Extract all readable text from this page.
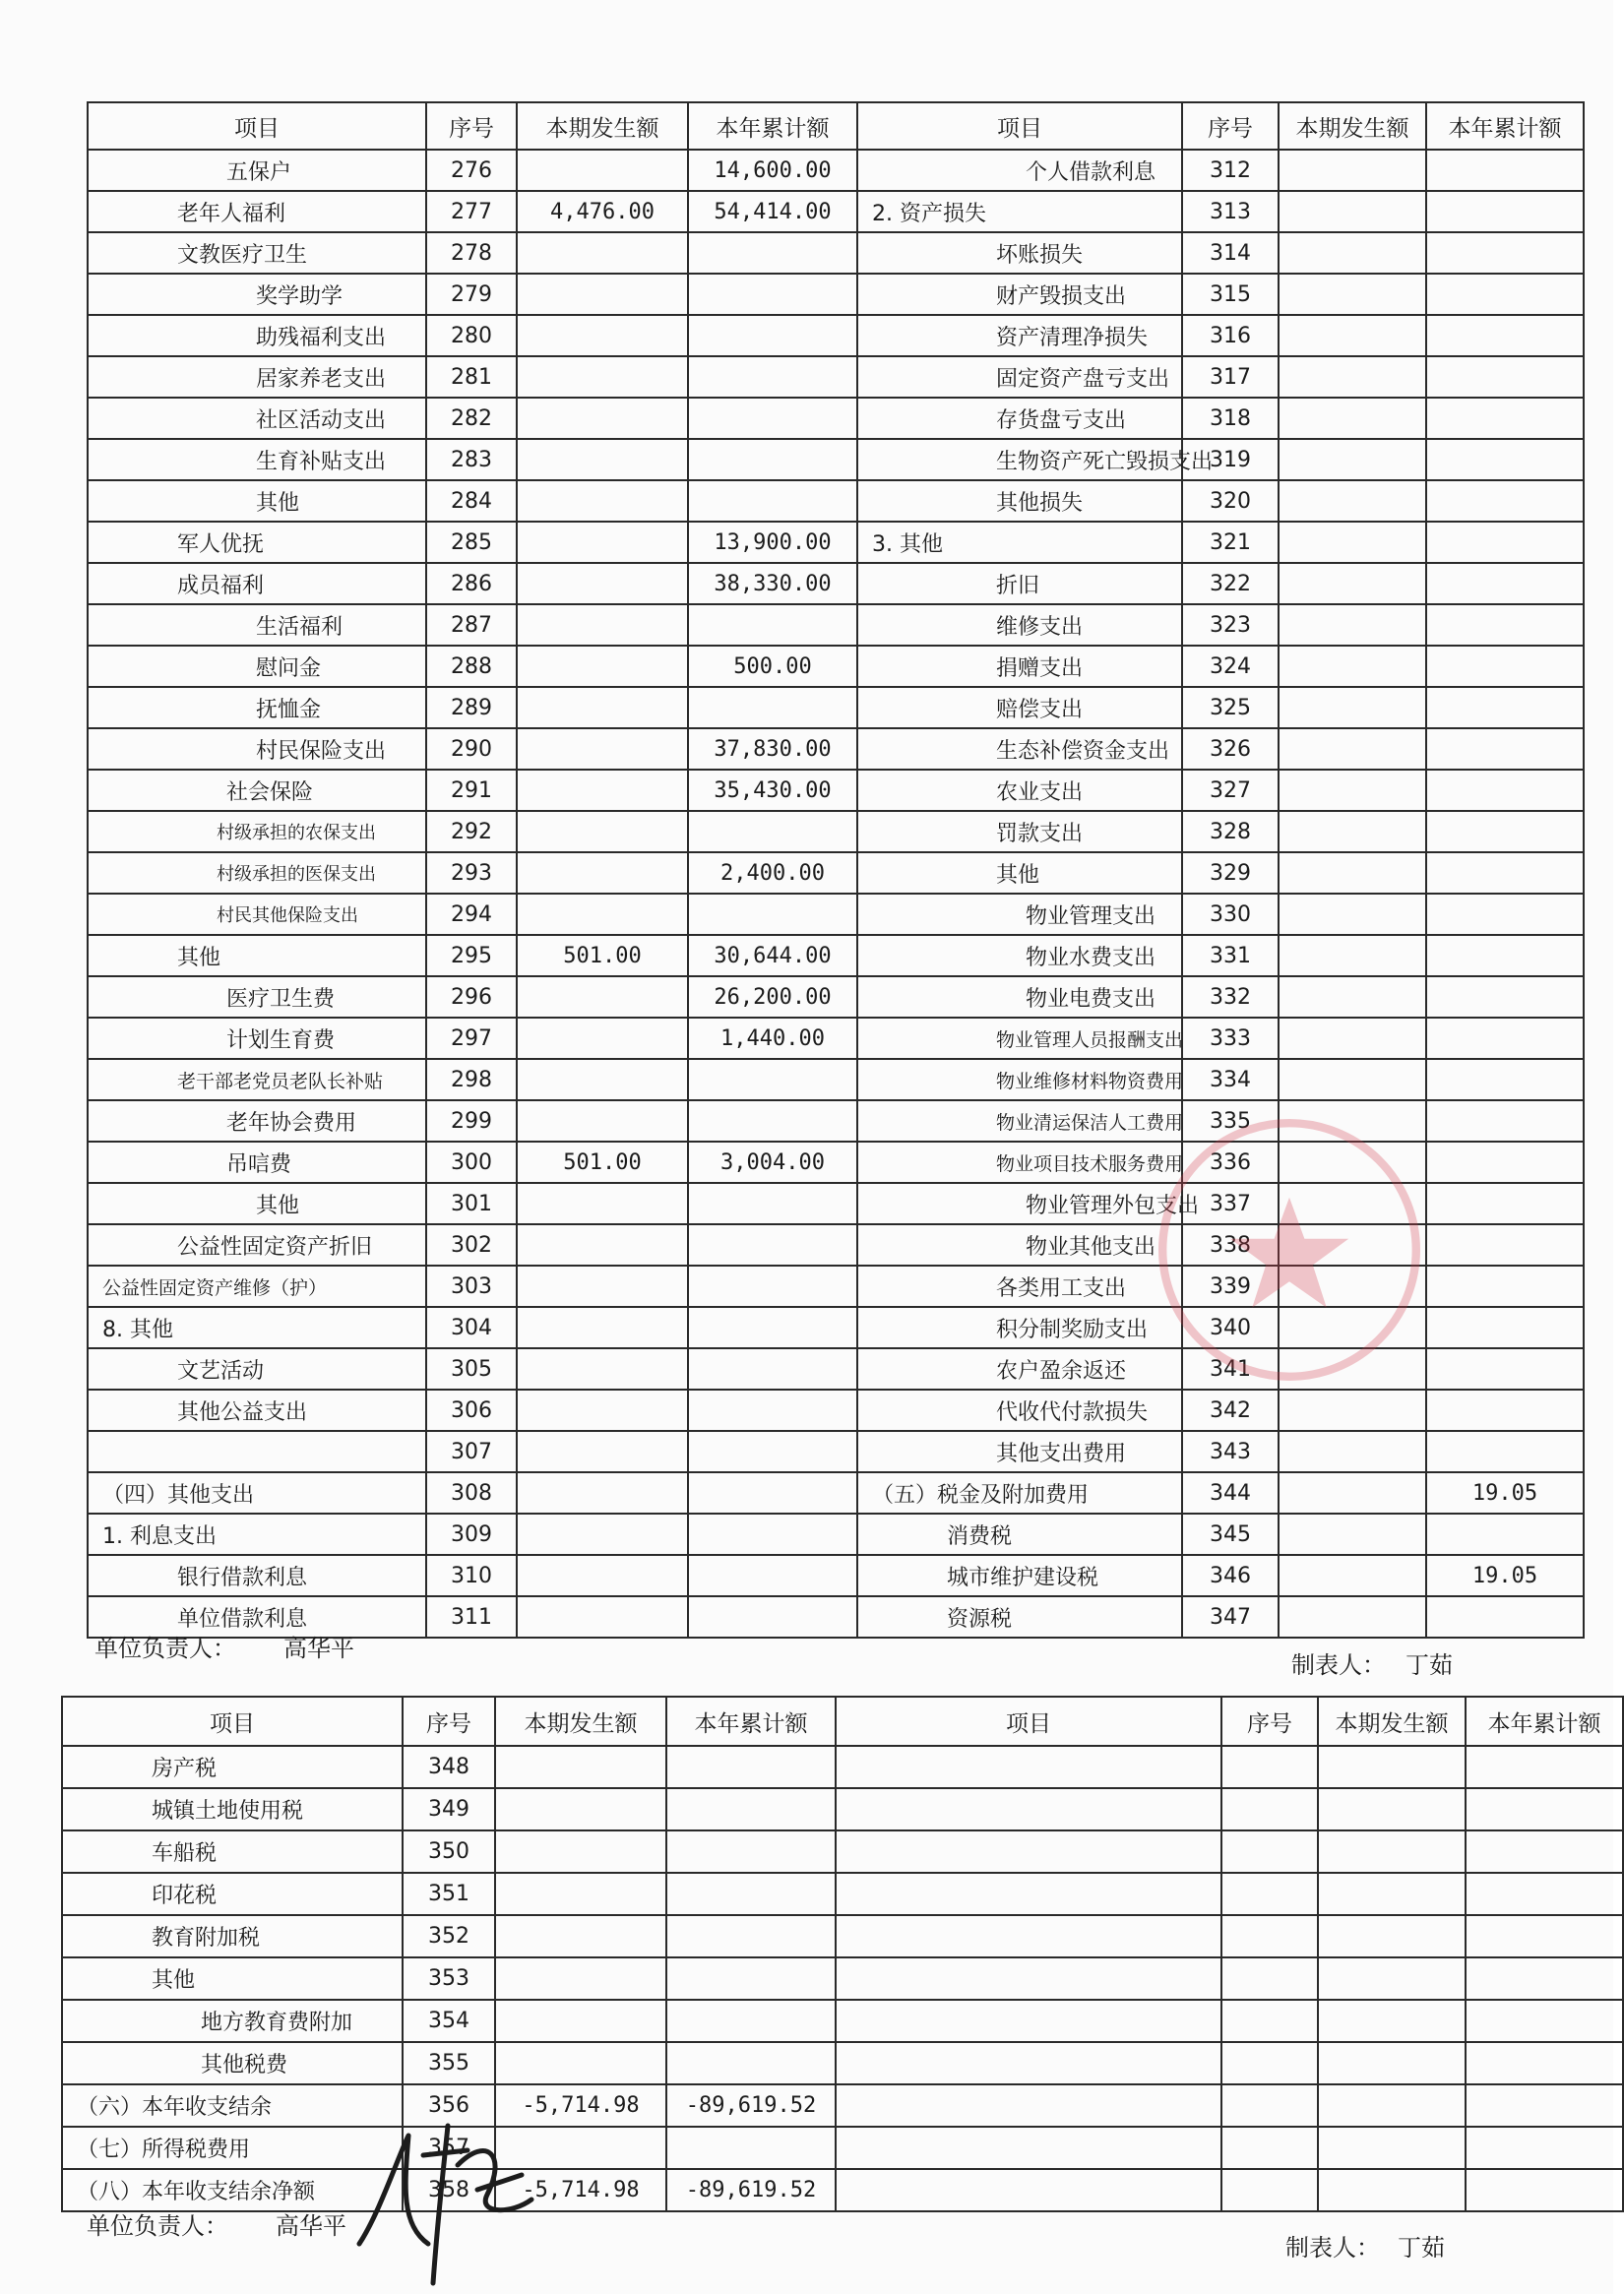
项目	序号	本期发生额	本年累计额	项目	序号	本期发生额	本年累计额
五保户	276		14,600.00	个人借款利息	312		
老年人福利	277	4,476.00	54,414.00	2. 资产损失	313		
文教医疗卫生	278			坏账损失	314		
奖学助学	279			财产毁损支出	315		
助残福利支出	280			资产清理净损失	316		
居家养老支出	281			固定资产盘亏支出	317		
社区活动支出	282			存货盘亏支出	318		
生育补贴支出	283			生物资产死亡毁损支出	319		
其他	284			其他损失	320		
军人优抚	285		13,900.00	3. 其他	321		
成员福利	286		38,330.00	折旧	322		
生活福利	287			维修支出	323		
慰问金	288		500.00	捐赠支出	324		
抚恤金	289			赔偿支出	325		
村民保险支出	290		37,830.00	生态补偿资金支出	326		
社会保险	291		35,430.00	农业支出	327		
村级承担的农保支出	292			罚款支出	328		
村级承担的医保支出	293		2,400.00	其他	329		
村民其他保险支出	294			物业管理支出	330		
其他	295	501.00	30,644.00	物业水费支出	331		
医疗卫生费	296		26,200.00	物业电费支出	332		
计划生育费	297		1,440.00	物业管理人员报酬支出	333		
老干部老党员老队长补贴	298			物业维修材料物资费用	334		
老年协会费用	299			物业清运保洁人工费用	335		
吊唁费	300	501.00	3,004.00	物业项目技术服务费用	336		
其他	301			物业管理外包支出	337		
公益性固定资产折旧	302			物业其他支出	338		
公益性固定资产维修（护）	303			各类用工支出	339		
8. 其他	304			积分制奖励支出	340		
文艺活动	305			农户盈余返还	341		
其他公益支出	306			代收代付款损失	342		
	307			其他支出费用	343		
（四）其他支出	308			（五）税金及附加费用	344		19.05
1. 利息支出	309			消费税	345		
银行借款利息	310			城市维护建设税	346		19.05
单位借款利息	311			资源税	347		
单位负责人： 高华平
制表人： 丁茹
项目	序号	本期发生额	本年累计额	项目	序号	本期发生额	本年累计额
房产税	348						
城镇土地使用税	349						
车船税	350						
印花税	351						
教育附加税	352						
其他	353						
地方教育费附加	354						
其他税费	355						
（六）本年收支结余	356	-5,714.98	-89,619.52				
（七）所得税费用	357						
（八）本年收支结余净额	358	-5,714.98	-89,619.52				
单位负责人： 高华平
制表人： 丁茹
